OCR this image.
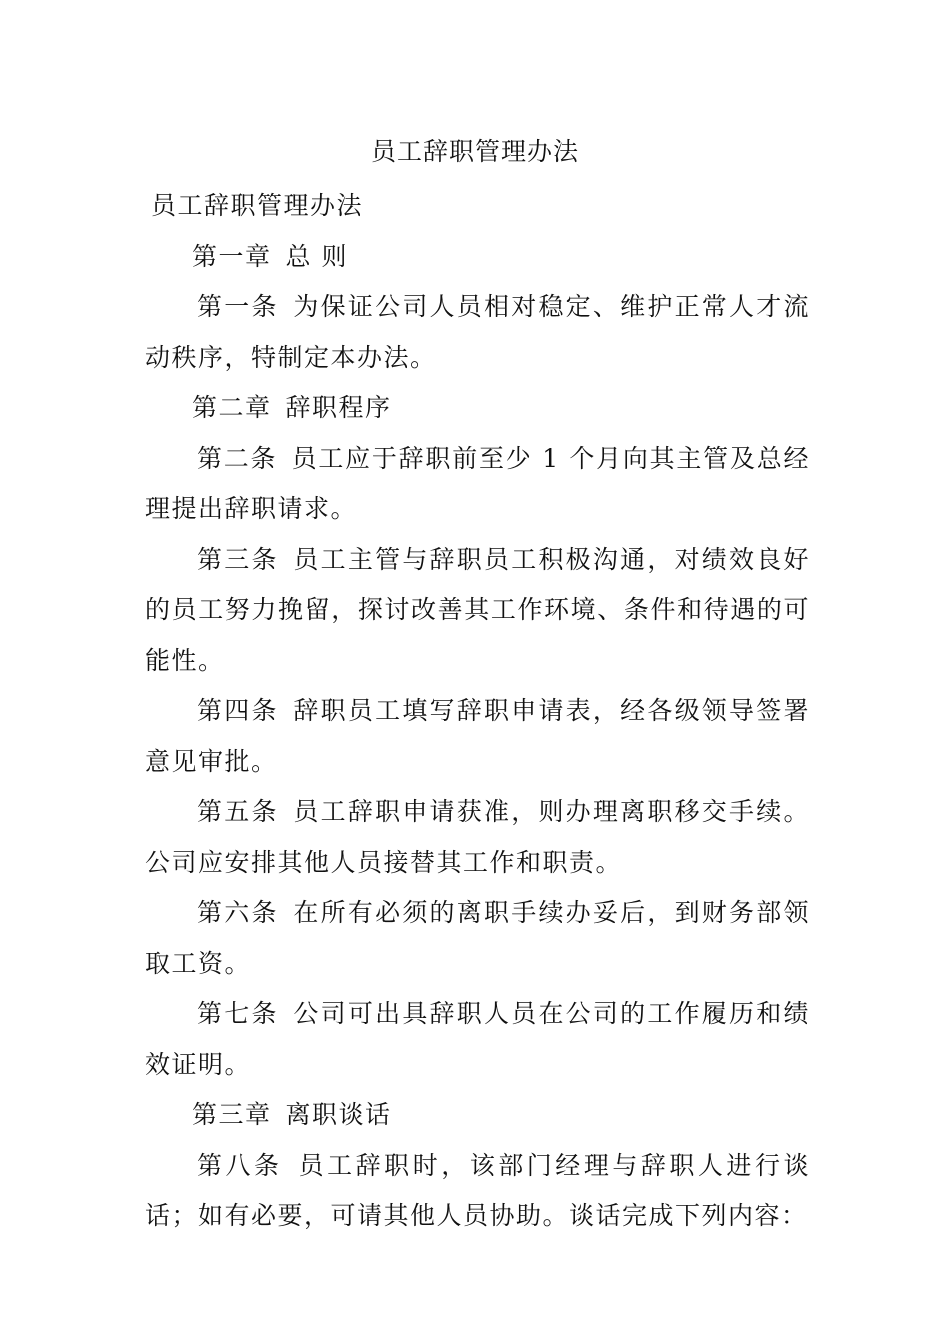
员工辞职管理办法

员工辞职管理办法

第一章 总 则

第一条 为保证公司人员相对稳定、维护正常人才流动秩序，特制定本办法。

第二章 辞职程序

第二条 员工应于辞职前至少 1 个月向其主管及总经理提出辞职请求。

第三条 员工主管与辞职员工积极沟通，对绩效良好的员工努力挽留，探讨改善其工作环境、条件和待遇的可能性。

第四条 辞职员工填写辞职申请表，经各级领导签署意见审批。

第五条 员工辞职申请获准，则办理离职移交手续。公司应安排其他人员接替其工作和职责。

第六条 在所有必须的离职手续办妥后，到财务部领取工资。

第七条 公司可出具辞职人员在公司的工作履历和绩效证明。

第三章 离职谈话

第八条 员工辞职时，该部门经理与辞职人进行谈话；如有必要，可请其他人员协助。谈话完成下列内容：
